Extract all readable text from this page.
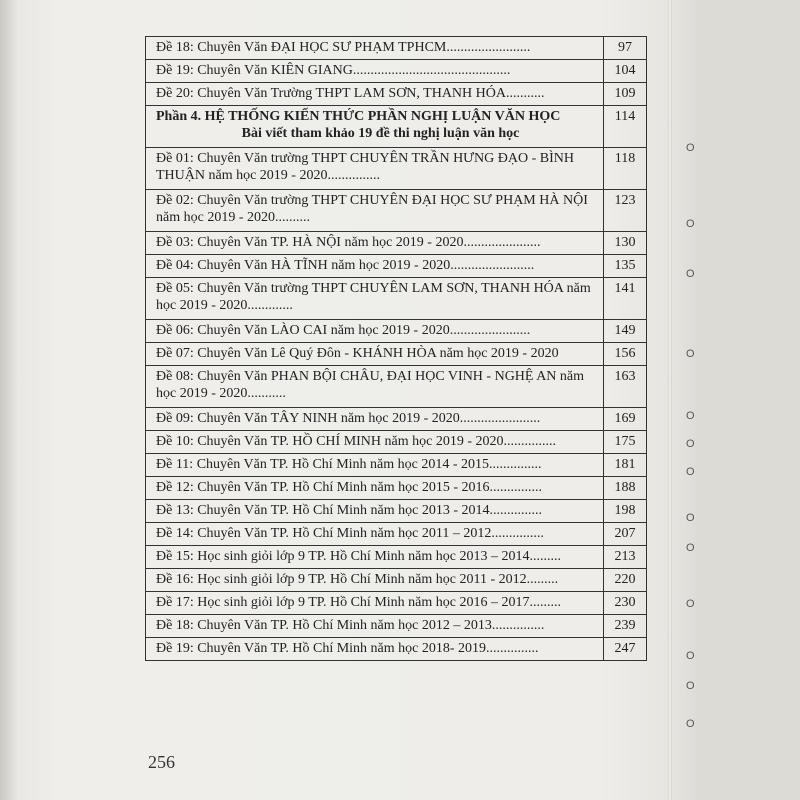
O
O
O
O
O
O
O
O
O
O
O
O
O
Đề 18: Chuyên Văn ĐẠI HỌC SƯ PHẠM TPHCM........................	97
Đề 19: Chuyên Văn KIÊN GIANG.............................................	104
Đề 20: Chuyên Văn Trường THPT LAM SƠN, THANH HÓA...........	109
Phần 4. HỆ THỐNG KIẾN THỨC PHẦN NGHỊ LUẬN VĂN HỌC
Bài viết tham khảo 19 đề thi nghị luận văn học	114
Đề 01: Chuyên Văn trường THPT CHUYÊN TRẦN HƯNG ĐẠO - BÌNH THUẬN năm học 2019 - 2020...............	118
Đề 02: Chuyên Văn trường THPT CHUYÊN ĐẠI HỌC SƯ PHẠM HÀ NỘI năm học 2019 - 2020..........	123
Đề 03: Chuyên Văn TP. HÀ NỘI năm học 2019 - 2020......................	130
Đề 04: Chuyên Văn HÀ TĨNH năm học 2019 - 2020........................	135
Đề 05: Chuyên Văn trường THPT CHUYÊN LAM SƠN, THANH HÓA năm học 2019 - 2020.............	141
Đề 06: Chuyên Văn LÀO CAI năm học 2019 - 2020.......................	149
Đề 07: Chuyên Văn Lê Quý Đôn - KHÁNH HÒA năm học 2019 - 2020	156
Đề 08: Chuyên Văn PHAN BỘI CHÂU, ĐẠI HỌC VINH - NGHỆ AN năm học 2019 - 2020...........	163
Đề 09: Chuyên Văn TÂY NINH năm học 2019 - 2020.......................	169
Đề 10: Chuyên Văn TP. HỒ CHÍ MINH năm học 2019 - 2020...............	175
Đề 11: Chuyên Văn TP. Hồ Chí Minh năm học 2014 - 2015...............	181
Đề 12: Chuyên Văn TP. Hồ Chí Minh năm học 2015 - 2016...............	188
Đề 13: Chuyên Văn TP. Hồ Chí Minh năm học 2013 - 2014...............	198
Đề 14: Chuyên Văn TP. Hồ Chí Minh năm học 2011 – 2012...............	207
Đề 15: Học sinh giỏi lớp 9 TP. Hồ Chí Minh năm học 2013 – 2014.........	213
Đề 16: Học sinh giỏi lớp 9 TP. Hồ Chí Minh năm học 2011 - 2012.........	220
Đề 17: Học sinh giỏi lớp 9 TP. Hồ Chí Minh năm học 2016 – 2017.........	230
Đề 18: Chuyên Văn TP. Hồ Chí Minh năm học 2012 – 2013...............	239
Đề 19: Chuyên Văn TP. Hồ Chí Minh năm học 2018- 2019...............	247
256
